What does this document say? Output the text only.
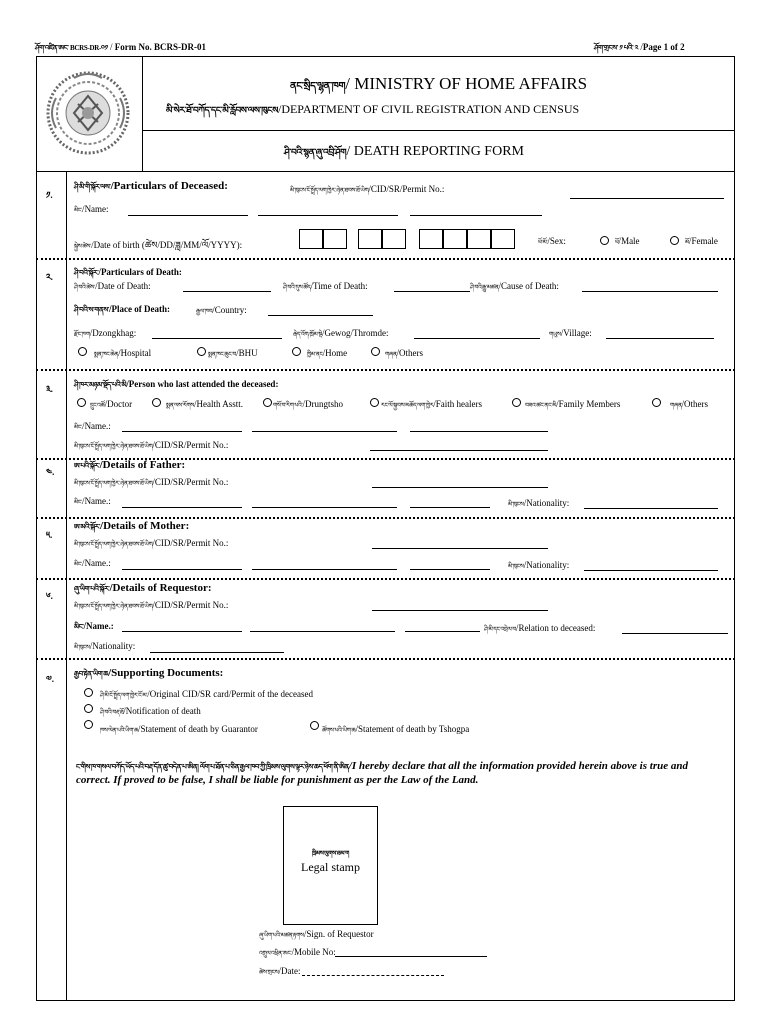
ཤོག་འཛིན་ཨང་ BCRS-DR-༠༡ / Form No. BCRS-DR-01	ཤོག་གྲངས་ ༡ པའི་ ༢ /Page 1 of 2
ནང་སྲིད་ལྷན་ཁག/ MINISTRY OF HOME AFFAIRS
མི་སེར་ཐོ་བཀོད་དང་མི་རློབས་ལས་ཁུངས/DEPARTMENT OF CIVIL REGISTRATION AND CENSUS
ཤི་བའི་སྙན་ཞུ་འབྲི་ཤོག/ DEATH REPORTING FORM
༡.
ཤི་མི་གི་སྐོར་ལས་/Particulars of Deceased:	མི་ཁུངས་ངོ་སྤྲོད་ལག་ཁྱེར་/ཉེན་ཐབས་ཐོ་ཡིག/CID/SR/Permit No.:
མིང་/Name:
སྐྱེས་ཚེས་/Date of birth (ཚེས/DD/ཟླ/MM/ལོ/YYYY):	ཕོ་མོ་/Sex:	ཕོ/Male	མོ/Female
༢.	ཤི་བའི་སྐོར་/Particulars of Death:
ཤི་བའི་ཚེས་/Date of Death:	ཤི་བའི་དུས་ཚོད/Time of Death:	ཤི་བའི་རྒྱུ་མཚན/Cause of Death:
ཤི་བའི་ས་གནས་/Place of Death:	རྒྱལ་ཁབ/Country:
རྫོང་ཁག/Dzongkhag:	རྒེད་འོག/ཁྲོམ་སྡེ/Gewog/Thromde:	གཡུས/Village:
སྨན་ཁང་ཆེན/Hospital	སྨན་ཁང་ཆུང་བ/BHU	ཁྱིམ་ནང/Home	གཞན/Others
༣.	ཤི་ཁར་མཉམ་སྡོད་པའི་མི/Person who last attended the deceased:
དྲུང་འཚོ/Doctor	སྨན་ལས་རོགས/Health Asstt.	གསོ་བ་རིག་པའི་/Drungtsho	རང་ལོ་སྐྱབས་མཆོད་ལག་ཁྱེར/Faith healers	བཟའ་ཚང་ནང་མི/Family Members	གཞན/Others
མིང་/Name.:
མི་ཁུངས་ངོ་སྤྲོད་ལག་ཁྱེར་/ཉེན་ཐབས་ཐོ་ཡིག/CID/SR/Permit No.:
༤.
ཨ་པའི་སྐོར་/Details of Father:
མི་ཁུངས་ངོ་སྤྲོད་ལག་ཁྱེར་/ཉེན་ཐབས་ཐོ་ཡིག/CID/SR/Permit No.:
མིང་/Name.:	མི་ཁུངས/Nationality:
༥.
ཨ་མའི་སྐོར་/Details of Mother:
མི་ཁུངས་ངོ་སྤྲོད་ལག་ཁྱེར་/ཉེན་ཐབས་ཐོ་ཡིག/CID/SR/Permit No.:
མིང་/Name.:	མི་ཁུངས/Nationality:
༦.
ཞུ་ཡིག་པའི་སྐོར་/Details of Requestor:
མི་ཁུངས་ངོ་སྤྲོད་ལག་ཁྱེར་/ཉེན་ཐབས་ཐོ་ཡིག/CID/SR/Permit No.:
མིང་/Name.:	ཤི་མི་དང་འབྲེལ་བ/Relation to deceased:
མི་ཁུངས/Nationality:
༧.	རྒྱབ་རྟེན་ཡིག་ཆ/Supporting Documents:
ཤི་མི་ངོ་སྤྲོད་ལག་ཁྱེར་ངོ་མ་/Original CID/SR card/Permit of the deceased
ཤི་བའི་བརྡ་ཐོ/Notification of death
ཁས་ལེན་པའི་ཡིག་ཆ/Statement of death by Guarantor	ཚོགས་པའི་ཡིག་ཆ/Statement of death by Tshogpa
ང་གིས་ཁ་གསལ་བཀོད་ཡོད་པའི་བརྡ་དོན་ཚུ་བདེན་པ་ཨིན། ལོག་པ་ཐོན་པ་ཅིན་རྒྱལ་ཁབ་ཀྱི་ཁྲིམས་ལུགས་ལྟར་ཉེས་ཆད་ཕོག་ནི་ཨིན/I hereby declare that all the information provided herein above is true and correct. If proved to be false, I shall be liable for punishment as per the Law of the Land.
ཁྲིམས་ལུགས་ཐམ་ག
Legal stamp
ཞུ་ཡིག་པའི་མཚན་རྟགས/Sign. of Requestor
འགྲུལ་འཕྲིན་ཨང་/Mobile No:
ཚེས་གྲངས/Date:
